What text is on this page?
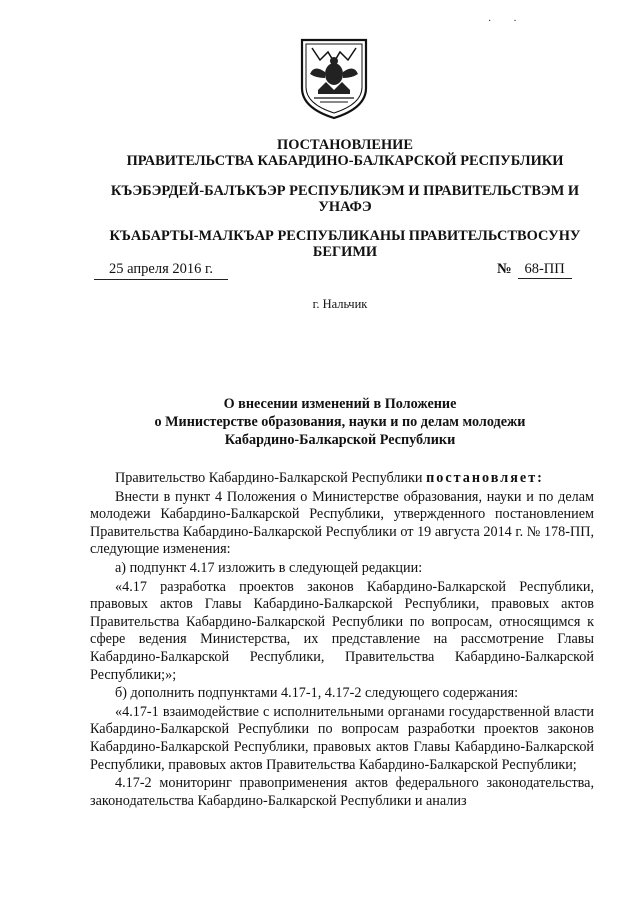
··
ПОСТАНОВЛЕНИЕ
ПРАВИТЕЛЬСТВА КАБАРДИНО-БАЛКАРСКОЙ РЕСПУБЛИКИ
КЪЭБЭРДЕЙ-БАЛЪКЪЭР РЕСПУБЛИКЭМ И ПРАВИТЕЛЬСТВЭМ И
УНАФЭ
КЪАБАРТЫ-МАЛКЪАР РЕСПУБЛИКАНЫ ПРАВИТЕЛЬСТВОСУНУ
БЕГИМИ
25 апреля 2016 г.	№ 68-ПП
г. Нальчик
О внесении изменений в Положение
о Министерстве образования, науки и по делам молодежи
Кабардино-Балкарской Республики

Правительство Кабардино-Балкарской Республики постановляет:

Внести в пункт 4 Положения о Министерстве образования, науки и по делам молодежи Кабардино-Балкарской Республики, утвержденного постановлением Правительства Кабардино-Балкарской Республики от 19 августа 2014 г. № 178-ПП, следующие изменения:

а) подпункт 4.17 изложить в следующей редакции:

«4.17 разработка проектов законов Кабардино-Балкарской Республики, правовых актов Главы Кабардино-Балкарской Республики, правовых актов Правительства Кабардино-Балкарской Республики по вопросам, относящимся к сфере ведения Министерства, их представление на рассмотрение Главы Кабардино-Балкарской Республики, Правительства Кабардино-Балкарской Республики;»;

б) дополнить подпунктами 4.17-1, 4.17-2 следующего содержания:

«4.17-1 взаимодействие с исполнительными органами государственной власти Кабардино-Балкарской Республики по вопросам разработки проектов законов Кабардино-Балкарской Республики, правовых актов Главы Кабардино-Балкарской Республики, правовых актов Правительства Кабардино-Балкарской Республики;

4.17-2 мониторинг правоприменения актов федерального законодательства, законодательства Кабардино-Балкарской Республики и анализ
